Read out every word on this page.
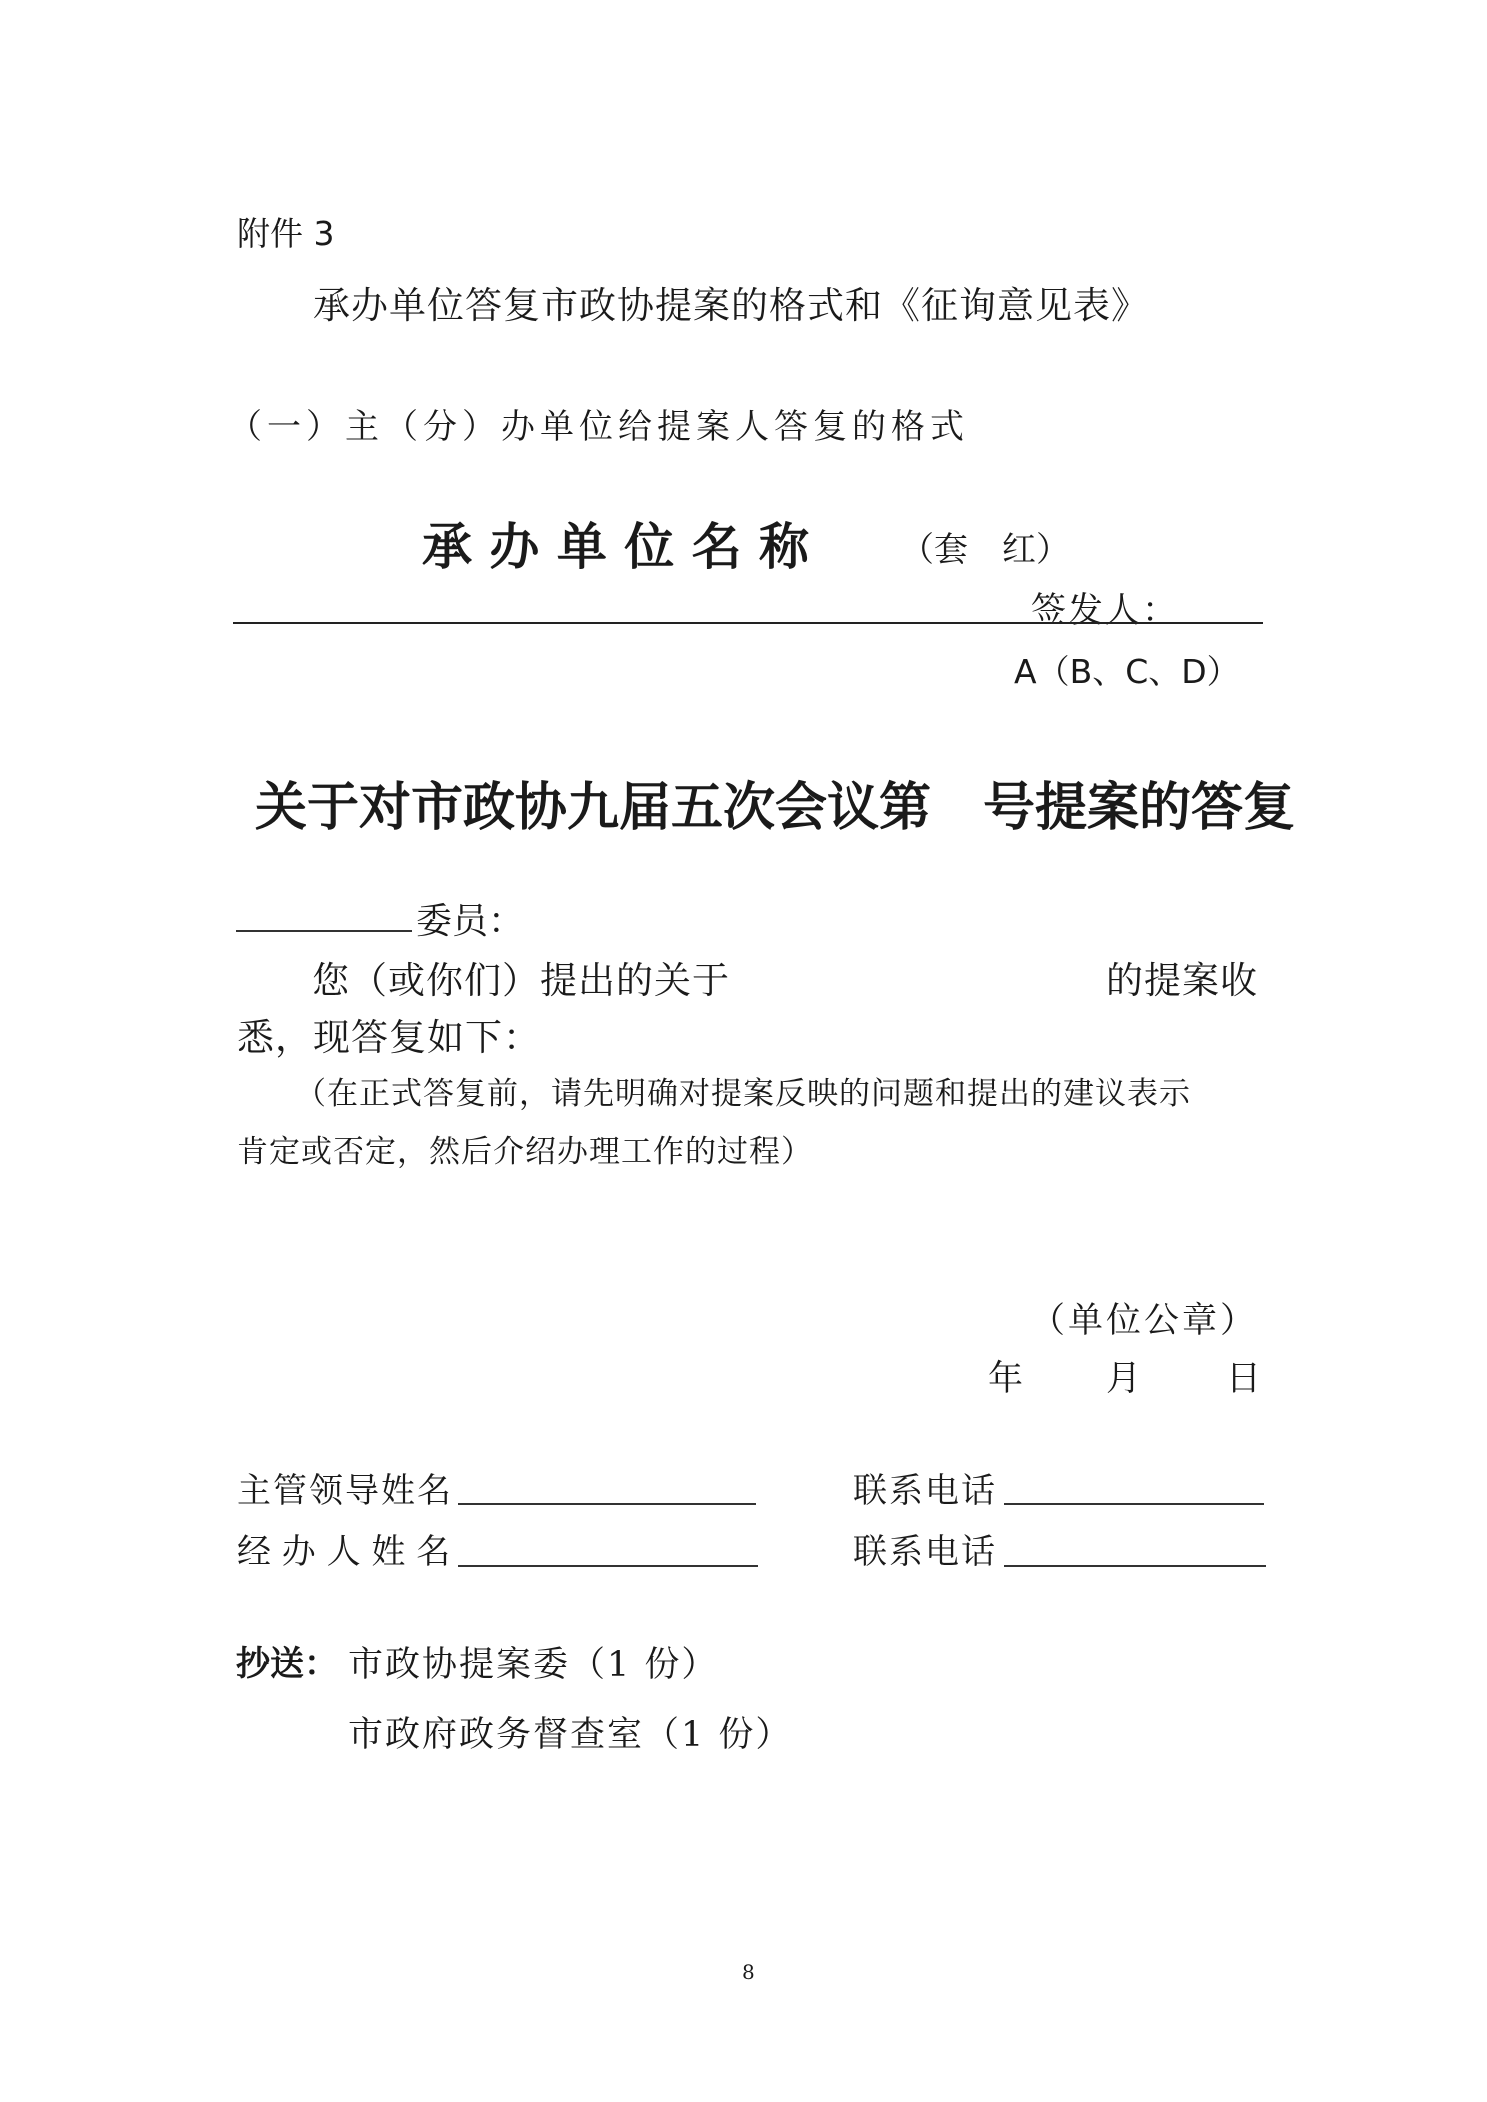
附件 3
承办单位答复市政协提案的格式和《征询意见表》
（一）主（分）办单位给提案人答复的格式
承 办 单 位 名 称	（套　红）
签发人：
A（B、C、D）
关于对市政协九届五次会议第　号提案的答复
委员：
您（或你们）提出的关于	的提案收
悉，现答复如下：
（在正式答复前，请先明确对提案反映的问题和提出的建议表示
肯定或否定，然后介绍办理工作的过程）
（单位公章）
年 月 日
主管领导姓名	联系电话
经 办 人 姓 名	联系电话
抄送： 市政协提案委（1 份）
市政府政务督查室（1 份）
8
